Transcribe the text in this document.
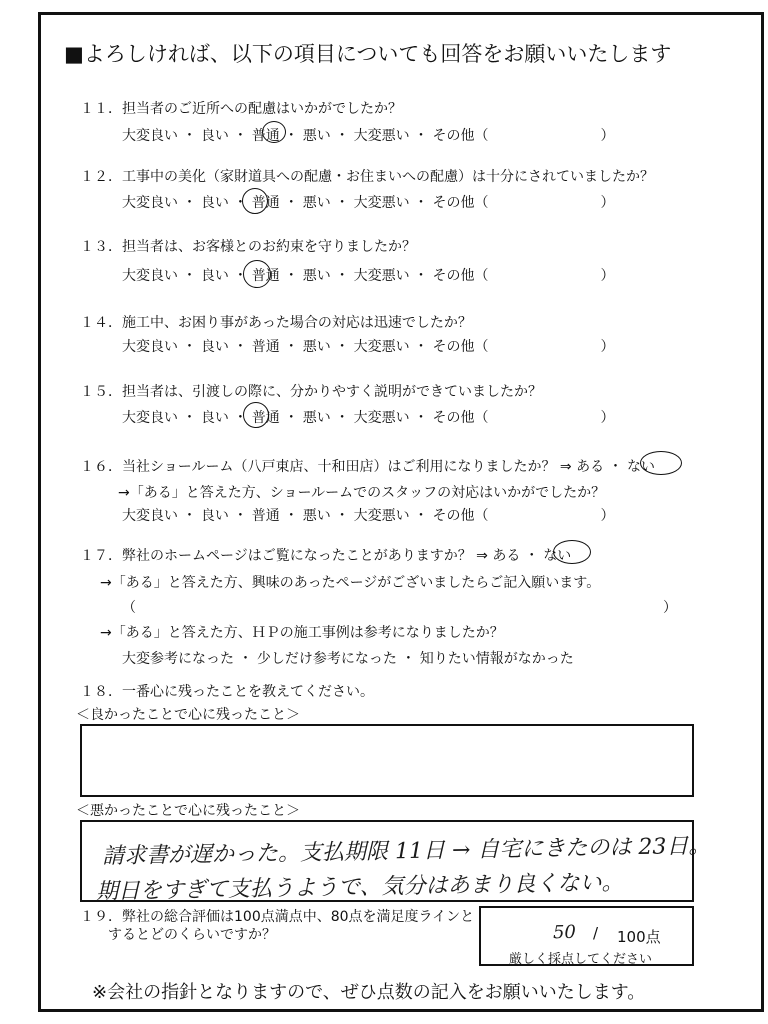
■よろしければ、以下の項目についても回答をお願いいたします
１１．担当者のご近所への配慮はいかがでしたか？
大変良い ・ 良い ・ 普通 ・ 悪い ・ 大変悪い ・ その他（　　　　　　　　）
１２．工事中の美化（家財道具への配慮・お住まいへの配慮）は十分にされていましたか？
大変良い ・ 良い ・ 普通 ・ 悪い ・ 大変悪い ・ その他（　　　　　　　　）
１３．担当者は、お客様とのお約束を守りましたか？
大変良い ・ 良い ・ 普通 ・ 悪い ・ 大変悪い ・ その他（　　　　　　　　）
１４．施工中、お困り事があった場合の対応は迅速でしたか？
大変良い ・ 良い ・ 普通 ・ 悪い ・ 大変悪い ・ その他（　　　　　　　　）
１５．担当者は、引渡しの際に、分かりやすく説明ができていましたか？
大変良い ・ 良い ・ 普通 ・ 悪い ・ 大変悪い ・ その他（　　　　　　　　）
１６．当社ショールーム（八戸東店、十和田店）はご利用になりましたか？ ⇒ ある ・ ない
→「ある」と答えた方、ショールームでのスタッフの対応はいかがでしたか？
大変良い ・ 良い ・ 普通 ・ 悪い ・ 大変悪い ・ その他（　　　　　　　　）
１７．弊社のホームページはご覧になったことがありますか？ ⇒ ある ・ ない
→「ある」と答えた方、興味のあったページがございましたらご記入願います。
（	）
→「ある」と答えた方、ＨＰの施工事例は参考になりましたか？
大変参考になった ・ 少しだけ参考になった ・ 知りたい情報がなかった
１８．一番心に残ったことを教えてください。
＜良かったことで心に残ったこと＞
＜悪かったことで心に残ったこと＞
請求書が遅かった。支払期限 11日 → 自宅にきたのは 23日。
期日をすぎて支払うようで、気分はあまり良くない。
１９．弊社の総合評価は100点満点中、80点を満足度ラインと
するとどのくらいですか？	50 / 100点
厳しく採点してください
※会社の指針となりますので、ぜひ点数の記入をお願いいたします。
